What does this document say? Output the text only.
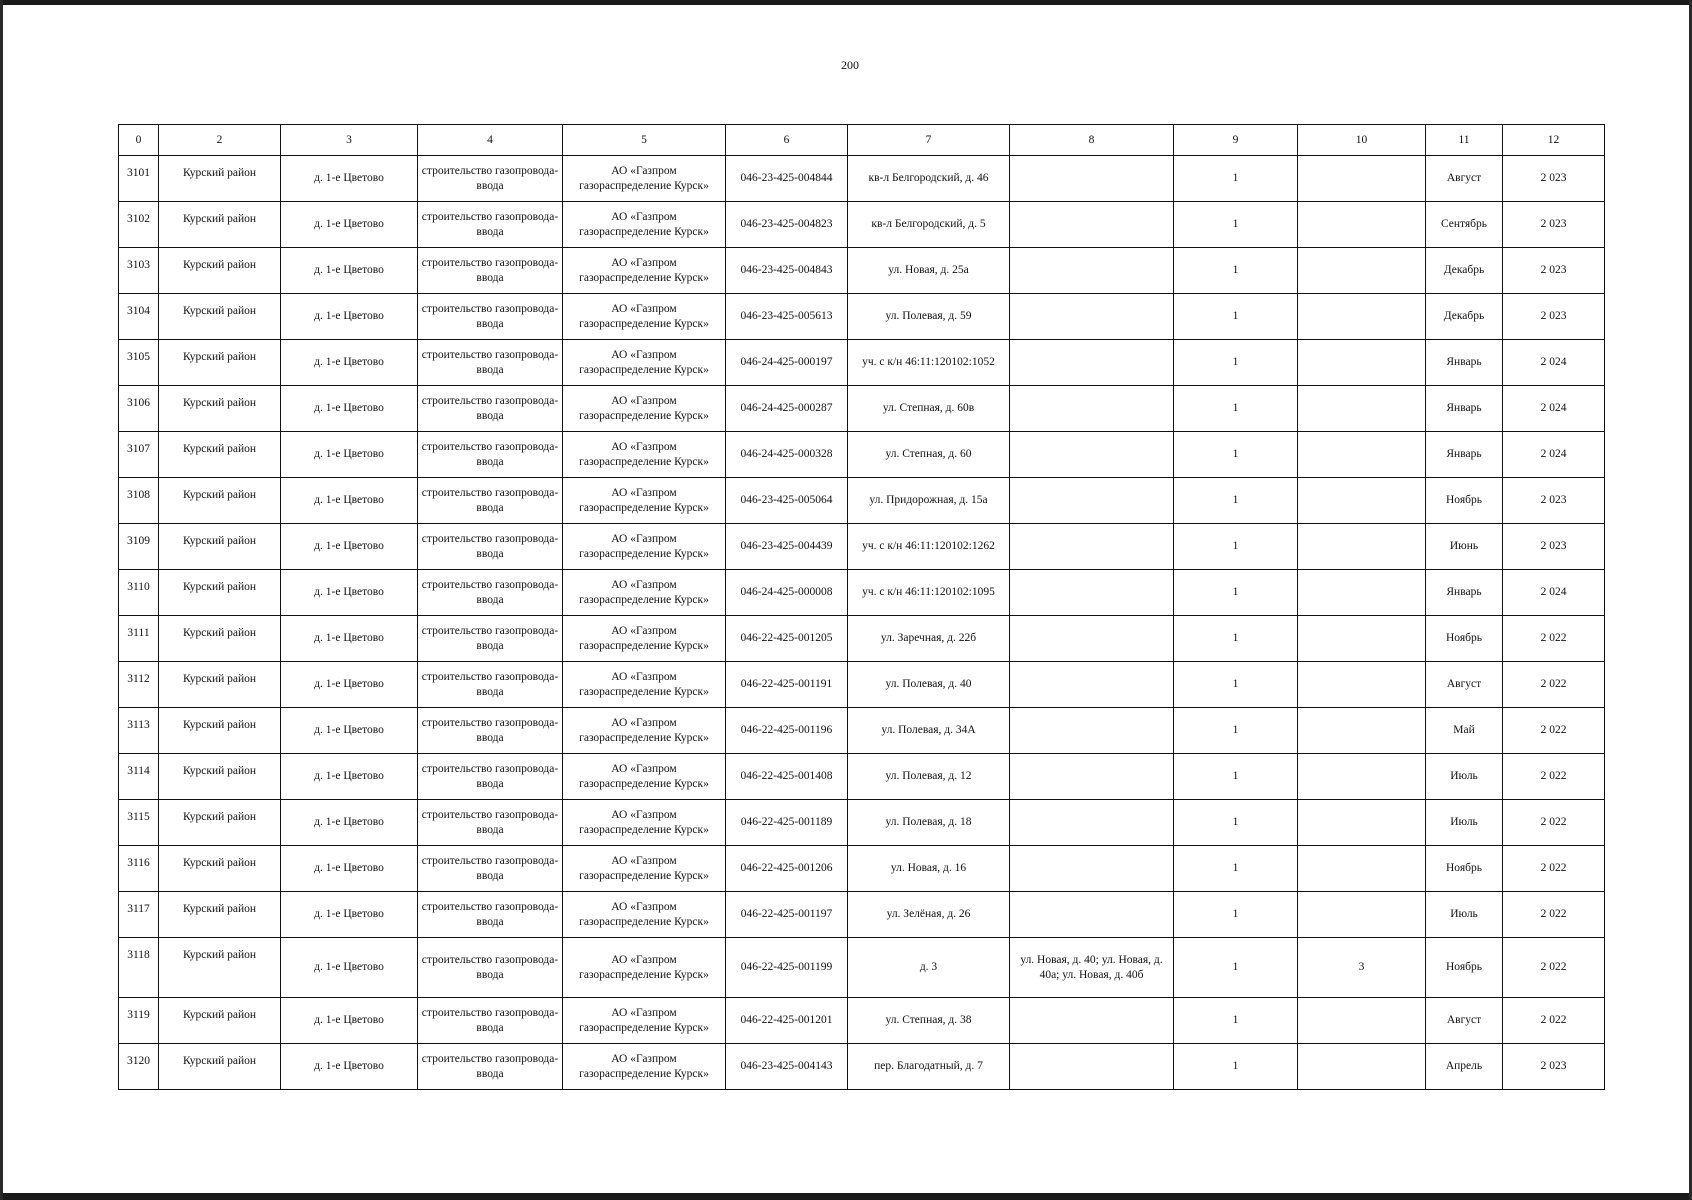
200
0	2	3	4	5	6	7	8	9	10	11	12
3101	Курский район	д. 1-е Цветово	строительство газопровода-ввода	АО «Газпром
газораспределение Курск»	046-23-425-004844	кв-л Белгородский, д. 46		1		Август	2 023
3102	Курский район	д. 1-е Цветово	строительство газопровода-ввода	АО «Газпром
газораспределение Курск»	046-23-425-004823	кв-л Белгородский, д. 5		1		Сентябрь	2 023
3103	Курский район	д. 1-е Цветово	строительство газопровода-ввода	АО «Газпром
газораспределение Курск»	046-23-425-004843	ул. Новая, д. 25а		1		Декабрь	2 023
3104	Курский район	д. 1-е Цветово	строительство газопровода-ввода	АО «Газпром
газораспределение Курск»	046-23-425-005613	ул. Полевая, д. 59		1		Декабрь	2 023
3105	Курский район	д. 1-е Цветово	строительство газопровода-ввода	АО «Газпром
газораспределение Курск»	046-24-425-000197	уч. с к/н 46:11:120102:1052		1		Январь	2 024
3106	Курский район	д. 1-е Цветово	строительство газопровода-ввода	АО «Газпром
газораспределение Курск»	046-24-425-000287	ул. Степная, д. 60в		1		Январь	2 024
3107	Курский район	д. 1-е Цветово	строительство газопровода-ввода	АО «Газпром
газораспределение Курск»	046-24-425-000328	ул. Степная, д. 60		1		Январь	2 024
3108	Курский район	д. 1-е Цветово	строительство газопровода-ввода	АО «Газпром
газораспределение Курск»	046-23-425-005064	ул. Придорожная, д. 15а		1		Ноябрь	2 023
3109	Курский район	д. 1-е Цветово	строительство газопровода-ввода	АО «Газпром
газораспределение Курск»	046-23-425-004439	уч. с к/н 46:11:120102:1262		1		Июнь	2 023
3110	Курский район	д. 1-е Цветово	строительство газопровода-ввода	АО «Газпром
газораспределение Курск»	046-24-425-000008	уч. с к/н 46:11:120102:1095		1		Январь	2 024
3111	Курский район	д. 1-е Цветово	строительство газопровода-ввода	АО «Газпром
газораспределение Курск»	046-22-425-001205	ул. Заречная, д. 22б		1		Ноябрь	2 022
3112	Курский район	д. 1-е Цветово	строительство газопровода-ввода	АО «Газпром
газораспределение Курск»	046-22-425-001191	ул. Полевая, д. 40		1		Август	2 022
3113	Курский район	д. 1-е Цветово	строительство газопровода-ввода	АО «Газпром
газораспределение Курск»	046-22-425-001196	ул. Полевая, д. 34А		1		Май	2 022
3114	Курский район	д. 1-е Цветово	строительство газопровода-ввода	АО «Газпром
газораспределение Курск»	046-22-425-001408	ул. Полевая, д. 12		1		Июль	2 022
3115	Курский район	д. 1-е Цветово	строительство газопровода-ввода	АО «Газпром
газораспределение Курск»	046-22-425-001189	ул. Полевая, д. 18		1		Июль	2 022
3116	Курский район	д. 1-е Цветово	строительство газопровода-ввода	АО «Газпром
газораспределение Курск»	046-22-425-001206	ул. Новая, д. 16		1		Ноябрь	2 022
3117	Курский район	д. 1-е Цветово	строительство газопровода-ввода	АО «Газпром
газораспределение Курск»	046-22-425-001197	ул. Зелёная, д. 26		1		Июль	2 022
3118	Курский район	д. 1-е Цветово	строительство газопровода-ввода	АО «Газпром
газораспределение Курск»	046-22-425-001199	д. 3	ул. Новая, д. 40; ул. Новая, д. 40а; ул. Новая, д. 40б	1	3	Ноябрь	2 022
3119	Курский район	д. 1-е Цветово	строительство газопровода-ввода	АО «Газпром
газораспределение Курск»	046-22-425-001201	ул. Степная, д. 38		1		Август	2 022
3120	Курский район	д. 1-е Цветово	строительство газопровода-ввода	АО «Газпром
газораспределение Курск»	046-23-425-004143	пер. Благодатный, д. 7		1		Апрель	2 023
